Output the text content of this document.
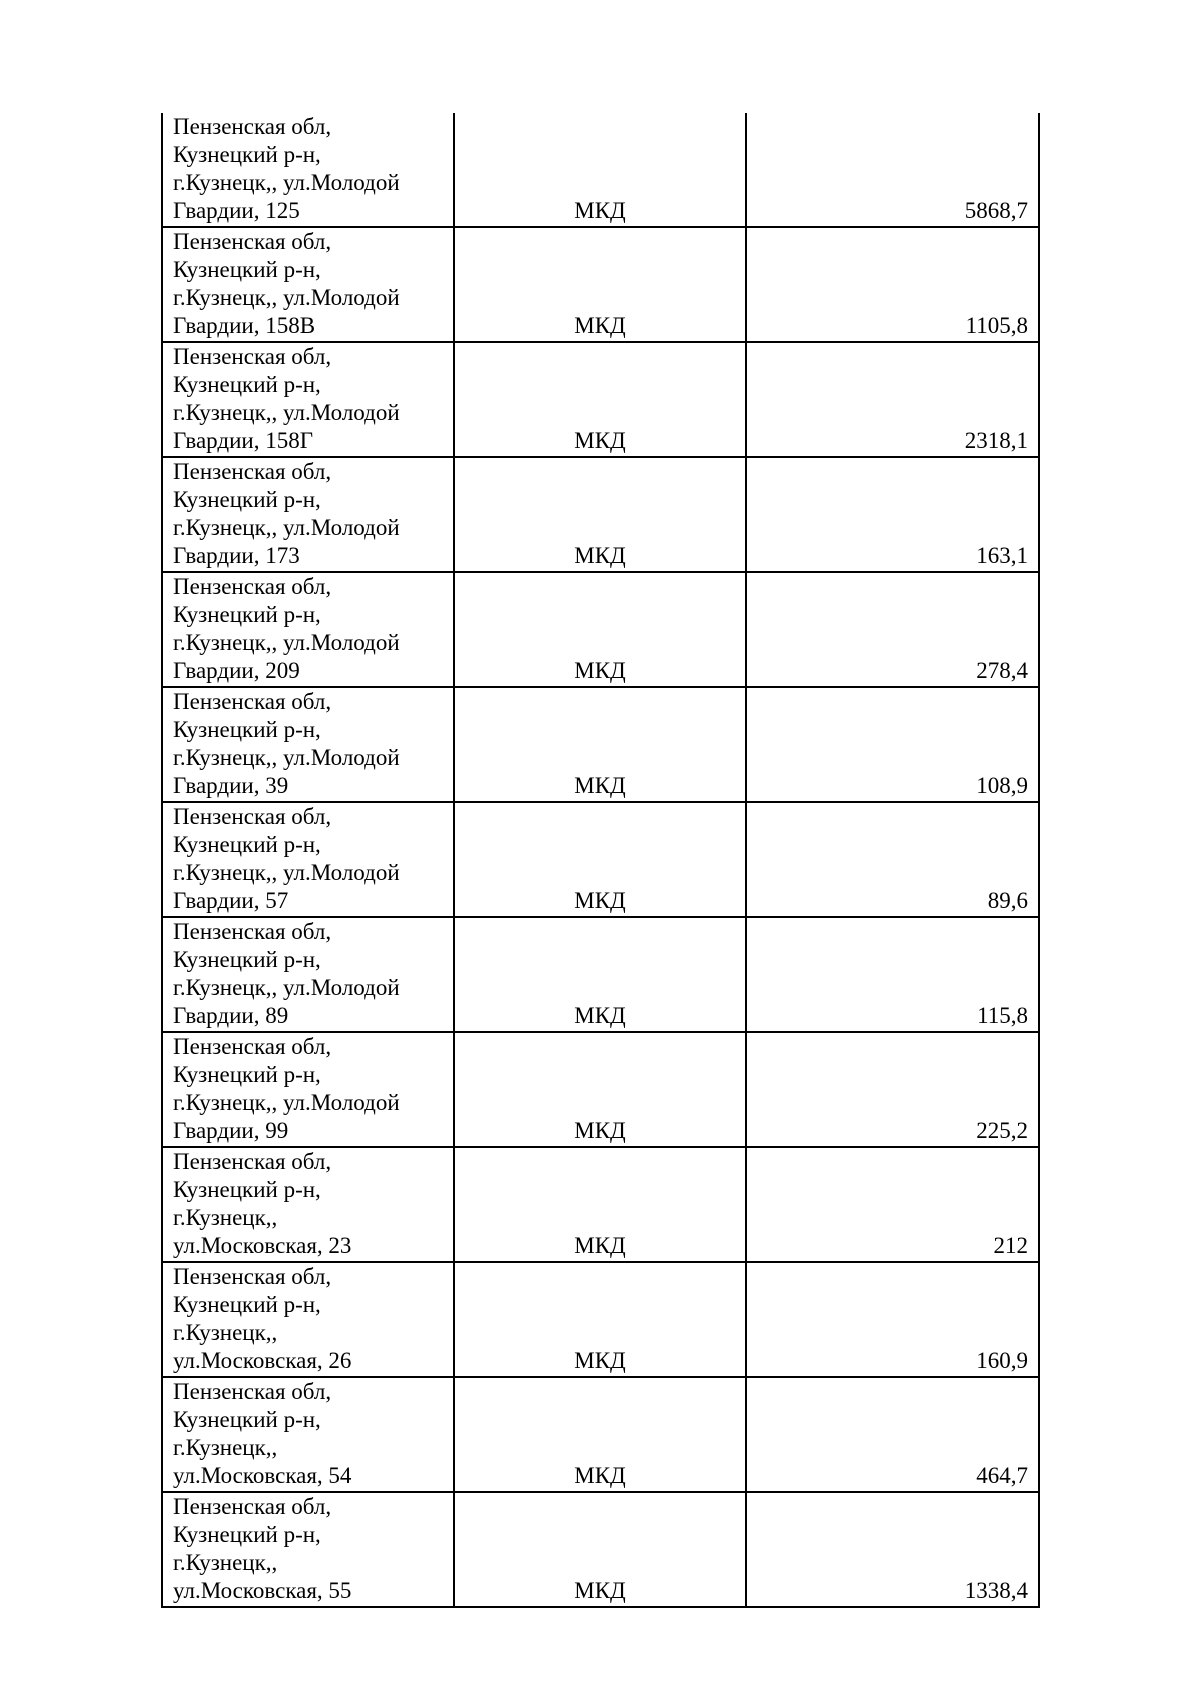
Пензенская обл,
Кузнецкий р-н,
г.Кузнецк,, ул.Молодой
Гвардии, 125	МКД	5868,7

Пензенская обл,
Кузнецкий р-н,
г.Кузнецк,, ул.Молодой
Гвардии, 158В	МКД	1105,8

Пензенская обл,
Кузнецкий р-н,
г.Кузнецк,, ул.Молодой
Гвардии, 158Г	МКД	2318,1

Пензенская обл,
Кузнецкий р-н,
г.Кузнецк,, ул.Молодой
Гвардии, 173	МКД	163,1

Пензенская обл,
Кузнецкий р-н,
г.Кузнецк,, ул.Молодой
Гвардии, 209	МКД	278,4

Пензенская обл,
Кузнецкий р-н,
г.Кузнецк,, ул.Молодой
Гвардии, 39	МКД	108,9

Пензенская обл,
Кузнецкий р-н,
г.Кузнецк,, ул.Молодой
Гвардии, 57	МКД	89,6

Пензенская обл,
Кузнецкий р-н,
г.Кузнецк,, ул.Молодой
Гвардии, 89	МКД	115,8

Пензенская обл,
Кузнецкий р-н,
г.Кузнецк,, ул.Молодой
Гвардии, 99	МКД	225,2

Пензенская обл,
Кузнецкий р-н,
г.Кузнецк,,
ул.Московская, 23	МКД	212

Пензенская обл,
Кузнецкий р-н,
г.Кузнецк,,
ул.Московская, 26	МКД	160,9

Пензенская обл,
Кузнецкий р-н,
г.Кузнецк,,
ул.Московская, 54	МКД	464,7

Пензенская обл,
Кузнецкий р-н,
г.Кузнецк,,
ул.Московская, 55	МКД	1338,4
